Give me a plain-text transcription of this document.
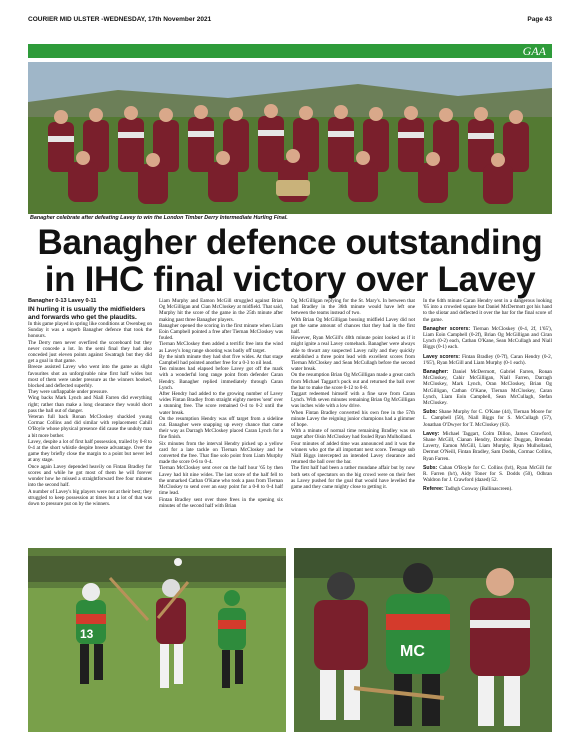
COURIER MID ULSTER -WEDNESDAY, 17th November 2021	Page 43
GAA
Banagher celebrate after defeating Lavey to win the London Timber Derry Intermediate Hurling Final.
Banagher defence outstanding
in IHC final victory over Lavey

Banagher 0-13 Lavey 0-11

IN hurling it is usually the midfielders and forwards who get the plaudits.

In this game played in spring like conditions at Owenbeg on Sunday it was a superb Banagher defence that took the honours.

The Derry men never overfired the scoreboard but they never concede a lot. In the semi final they had also conceded just eleven points against Swatragh but they did get a goal in that game.

Breeze assisted Lavey who went into the game as slight favourites shot an unforgivable nine first half wides but most of them were under pressure as the winners hooked, blocked and deflected superbly.

They were unflappable under pressure.

Wing backs Mark Lynch and Niall Farren did everything right; rather than make a long clearance they would short pass the ball out of danger.

Veteran full back Ronan McCloskey shackled young Cormac Collins and did similar with replacement Cahill O'Boyle whose physical presence did cause the unduly man a bit more bother.

Lavey, despite a lot of first half possession, trailed by 0-8 to 0-4 at the short whistle despite breeze advantage. Over the game they briefly close the margin to a point but never led at any stage.

Once again Lavey depended heavily on Fintan Bradley for scores and while he got most of them he will forever wonder how he missed a straightforward free four minutes into the second half.

A number of Lavey's big players were not at their best; they struggled to keep possession at times but a lot of that was down to pressure put on by the winners.

Liam Murphy and Eamon McGill struggled against Brian Og McGilligan and Cian McCloskey at midfield. That said, Murphy hit the score of the game in the 25th minute after making past three Banagher players.

Banagher opened the scoring in the first minute when Liam Eoin Campbell pointed a free after Tiernan McCloskey was fouled.

Tiernan McCloskey then added a terrific free into the wind as Lavey's long range shooting was badly off target.

By the ninth minute they had shot five wides. At that stage Campbell had pointed another free for a 0-3 to nil lead.

Ten minutes had elapsed before Lavey got off the mark with a wonderful long range point from defender Caran Hendry. Banagher replied immediately through Caran Lynch.

After Hendry had added to the growing number of Lavey wides Fintan Bradley from straight eighty metres 'sent' over a stunning free. The score remained 0-4 to 0-2 until the water break.

On the resumption Hendry was off target from a sideline cut. Banagher were snapping up every chance that came their way as Darragh McCloskey placed Caran Lynch for a fine finish.

Six minutes from the interval Hendry picked up a yellow card for a late tackle on Tiernan McCloskey and he converted the free. That fine solo point from Liam Murphy made the score 0-6 to 0-4.

Tiernan McCloskey sent over on the half hour '65 by then Lavey had hit nine wides. The last score of the half fell to the unmarked Cathan O'Kane who took a pass from Tiernan McCloskey to send over an easy point for a 0-8 to 0-4 half time lead.

Fintan Bradley sent over three frees in the opening six minutes of the second half with Brian

Og McGilligan replying for the St. Mary's. In between that had Bradley in the 36th minute would have left one between the teams instead of two.

With Brian Og McGilligan bossing midfield Lavey did not get the same amount of chances that they had in the first half.

However, Ryan McGill's 40th minute point looked as if it might ignite a real Lavey comeback. Banagher were always able to thwart any suspected Lavey rally and they quickly established a three point lead with excellent scores from Tiernan McCloskey and Sean McCullagh before the second water break.

On the resumption Brian Og McGilligan made a great catch from Michael Taggart's puck out and returned the ball over the bar to make the score 0-12 to 0-8.

Taggart redeemed himself with a fine save from Caran Lynch. With seven minutes remaining Brian Og McGilligan was inches wide with a low drive.

When Fintan Bradley converted his own free in the 57th minute Lavey the reigning junior champions had a glimmer of hope.

With a minute of normal time remaining Bradley was on target after Oisin McCloskey had fouled Ryan Mulholland.

Four minutes of added time was announced and it was the winners who got the all important next score. Teenage sub Niall Biggs intercepted an intended Lavey clearance and returned the ball over the bar.

The first half had been a rather mundane affair but by now both sets of spectators on the big crowd were on their feet as Lavey pushed for the goal that would have levelled the game and they came mighty close to getting it.

In the 64th minute Caran Hendry sent in a dangerous looking '65 into a crowded square but Daniel McDermott got his hand to the sliotar and deflected it over the bar for the final score of the game.

Banagher scorers: Tiernan McCloskey (0-4, 2f, 1'65'), Liam Eoin Campbell (0-2f), Brian Og McGilligan and Ciran Lynch (0-2) each, Cathan O'Kane, Sean McCullagh and Niall Biggs (0-1) each.

Lavey scorers: Fintan Bradley (0-7f), Caran Hendry (0-2, 1'65'), Ryan McGill and Liam Murphy (0-1 each).

Banagher: Daniel McDermott, Gabriel Farren, Ronan McCloskey, Cahir McGilligan, Niall Farren, Darragh McCloskey, Mark Lynch, Oran McCloskey, Brian Og McGilligan, Cathan O'Kane, Tiernan McCloskey, Caran Lynch, Liam Eoin Campbell, Sean McCullagh, Stefan McCloskey.

Subs: Shane Murphy for C. O'Kane (44), Tiernan Moore for L. Campbell (50), Niall Biggs for S. McCullagh (57), Jonathan O'Dwyer for T. McCloskey (63).

Lavey: Michael Taggart, Colm Dillon, James Crawford, Shane McGill, Cianan Hendry, Dominic Duggan, Brendan Laverty, Eamon McGill, Liam Murphy, Ryan Mulholland, Dermot O'Neill, Fintan Bradley, Sam Dodds, Cormac Collins, Ryan Farren.

Subs: Cahan O'Boyle for C. Collins (h/t), Ryan McGill for R. Farren (h/t), Aidy Toner for S. Dodds (50), Odhran Waldron for J. Crawford (dazed) 52.

Referee: Tadhgh Conway (Ballinascreen).

13
MC
